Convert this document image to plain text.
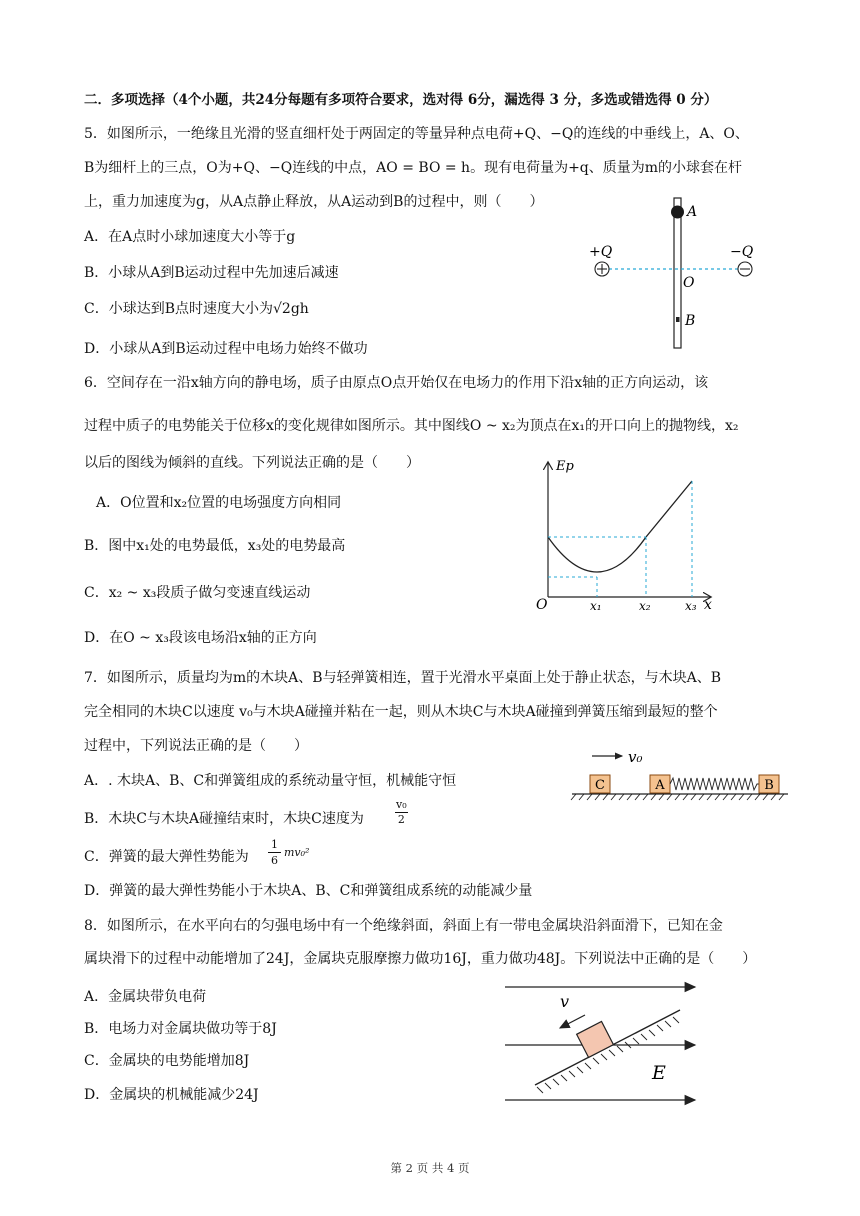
二．多项选择（4个小题，共24分每题有多项符合要求，选对得 6分，漏选得 3 分，多选或错选得 0 分）
5．如图所示，一绝缘且光滑的竖直细杆处于两固定的等量异种点电荷+Q、−Q的连线的中垂线上，A、O、
B为细杆上的三点，O为+Q、−Q连线的中点，AO = BO = h。现有电荷量为+q、质量为m的小球套在杆
上，重力加速度为g，从A点静止释放，从A运动到B的过程中，则（　　）
A．在A点时小球加速度大小等于g
B．小球从A到B运动过程中先加速后减速
C．小球达到B点时速度大小为√2gh
D．小球从A到B运动过程中电场力始终不做功
A
+Q	−Q
O
B
6．空间存在一沿x轴方向的静电场，质子由原点O点开始仅在电场力的作用下沿x轴的正方向运动，该
过程中质子的电势能关于位移x的变化规律如图所示。其中图线O ~ x₂为顶点在x₁的开口向上的抛物线，x₂
以后的图线为倾斜的直线。下列说法正确的是（　　）
A．O位置和x₂位置的电场强度方向相同
B．图中x₁处的电势最低，x₃处的电势最高
C．x₂ ~ x₃段质子做匀变速直线运动
D．在O ~ x₃段该电场沿x轴的正方向
Ep
x
O	x₁	x₂	x₃
7．如图所示，质量均为m的木块A、B与轻弹簧相连，置于光滑水平桌面上处于静止状态，与木块A、B
完全相同的木块C以速度 v₀与木块A碰撞并粘在一起，则从木块C与木块A碰撞到弹簧压缩到最短的整个
过程中，下列说法正确的是（　　）
A．. 木块A、B、C和弹簧组成的系统动量守恒，机械能守恒
B．木块C与木块A碰撞结束时，木块C速度为	$\frac{\text{v₀}}{2}$
C．弹簧的最大弹性势能为 $\frac{1}{6} mv_0^2$
D．弹簧的最大弹性势能小于木块A、B、C和弹簧组成系统的动能减少量
v₀
C	A	B
8．如图所示，在水平向右的匀强电场中有一个绝缘斜面，斜面上有一带电金属块沿斜面滑下，已知在金
属块滑下的过程中动能增加了24J，金属块克服摩擦力做功16J，重力做功48J。下列说法中正确的是（　　）
A．金属块带负电荷
B．电场力对金属块做功等于8J
C．金属块的电势能增加8J
D．金属块的机械能减少24J
v
E
第 2 页 共 4 页
